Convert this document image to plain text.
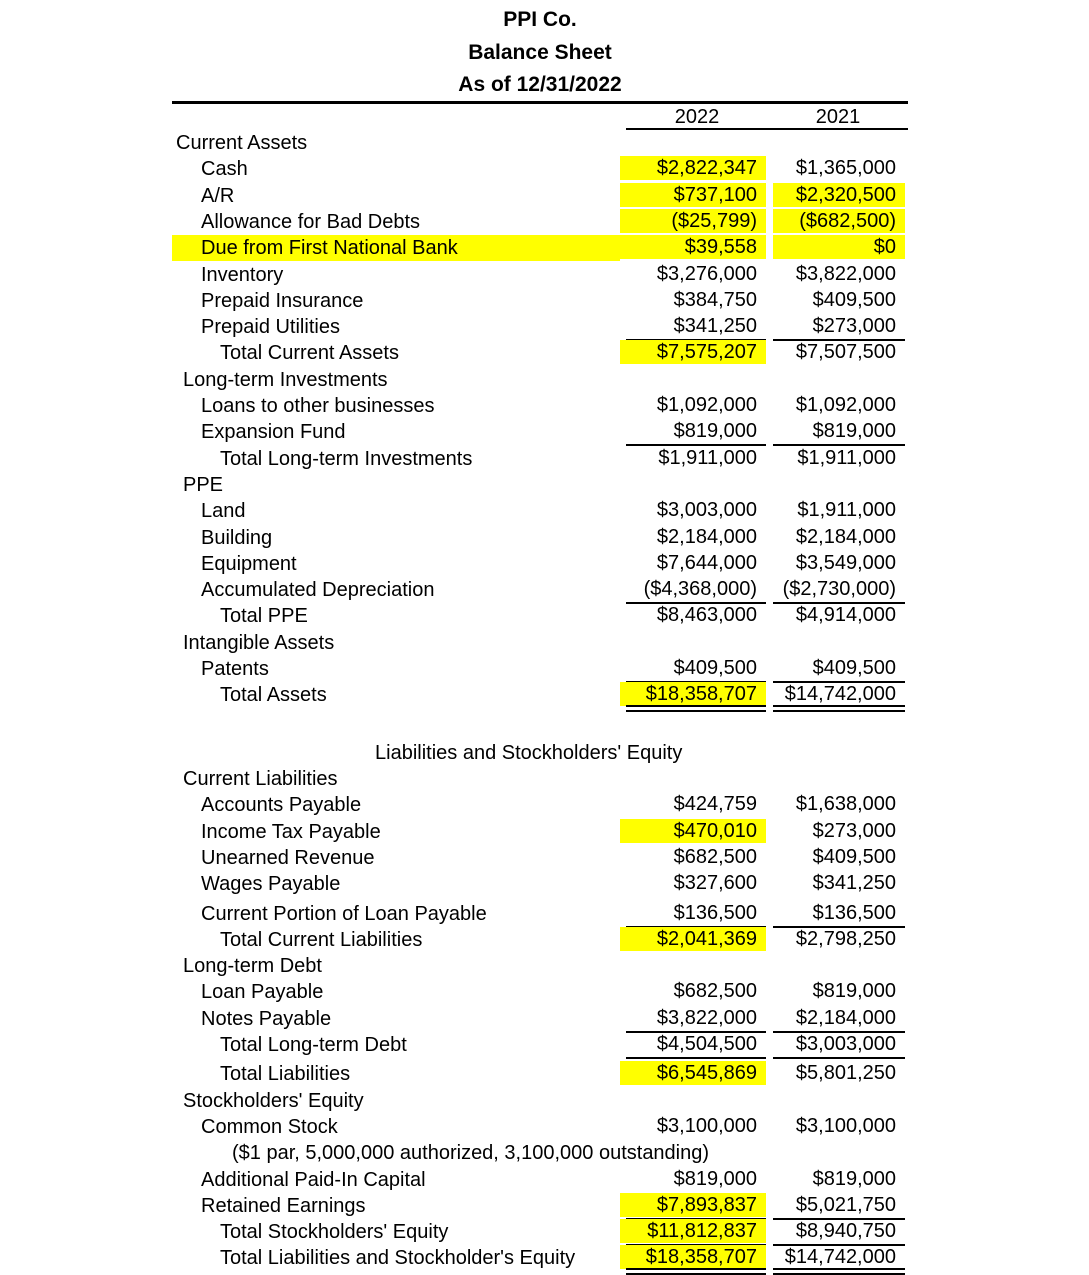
PPI Co.
Balance Sheet
As of 12/31/2022
2022	2021
Current Assets
Cash	$2,822,347	$1,365,000
A/R	$737,100	$2,320,500
Allowance for Bad Debts	($25,799)	($682,500)
Due from First National Bank	$39,558	$0
Inventory	$3,276,000	$3,822,000
Prepaid Insurance	$384,750	$409,500
Prepaid Utilities	$341,250	$273,000
Total Current Assets	$7,575,207	$7,507,500
Long-term Investments
Loans to other businesses	$1,092,000	$1,092,000
Expansion Fund	$819,000	$819,000
Total Long-term Investments	$1,911,000	$1,911,000
PPE
Land	$3,003,000	$1,911,000
Building	$2,184,000	$2,184,000
Equipment	$7,644,000	$3,549,000
Accumulated Depreciation	($4,368,000)	($2,730,000)
Total PPE	$8,463,000	$4,914,000
Intangible Assets
Patents	$409,500	$409,500
Total Assets	$18,358,707	$14,742,000
Liabilities and Stockholders' Equity
Current Liabilities
Accounts Payable	$424,759	$1,638,000
Income Tax Payable	$470,010	$273,000
Unearned Revenue	$682,500	$409,500
Wages Payable	$327,600	$341,250
Current Portion of Loan Payable	$136,500	$136,500
Total Current Liabilities	$2,041,369	$2,798,250
Long-term Debt
Loan Payable	$682,500	$819,000
Notes Payable	$3,822,000	$2,184,000
Total Long-term Debt	$4,504,500	$3,003,000
Total Liabilities	$6,545,869	$5,801,250
Stockholders' Equity
Common Stock	$3,100,000	$3,100,000
($1 par, 5,000,000 authorized, 3,100,000 outstanding)
Additional Paid-In Capital	$819,000	$819,000
Retained Earnings	$7,893,837	$5,021,750
Total Stockholders' Equity	$11,812,837	$8,940,750
Total Liabilities and Stockholder's Equity	$18,358,707	$14,742,000
